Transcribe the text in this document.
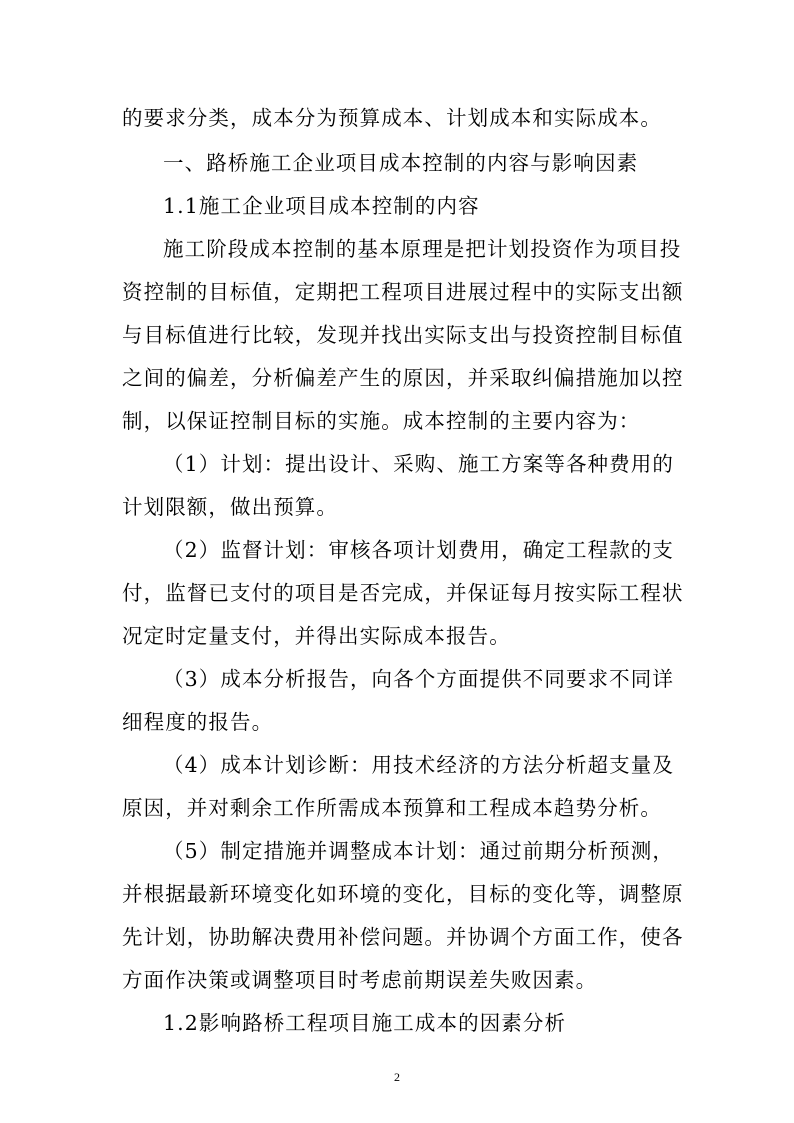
的要求分类，成本分为预算成本、计划成本和实际成本。
一、路桥施工企业项目成本控制的内容与影响因素
1.1施工企业项目成本控制的内容
施工阶段成本控制的基本原理是把计划投资作为项目投
资控制的目标值，定期把工程项目进展过程中的实际支出额
与目标值进行比较，发现并找出实际支出与投资控制目标值
之间的偏差，分析偏差产生的原因，并采取纠偏措施加以控
制，以保证控制目标的实施。成本控制的主要内容为：
（1）计划：提出设计、采购、施工方案等各种费用的
计划限额，做出预算。
（2）监督计划：审核各项计划费用，确定工程款的支
付，监督已支付的项目是否完成，并保证每月按实际工程状
况定时定量支付，并得出实际成本报告。
（3）成本分析报告，向各个方面提供不同要求不同详
细程度的报告。
（4）成本计划诊断：用技术经济的方法分析超支量及
原因，并对剩余工作所需成本预算和工程成本趋势分析。
（5）制定措施并调整成本计划：通过前期分析预测，
并根据最新环境变化如环境的变化，目标的变化等，调整原
先计划，协助解决费用补偿问题。并协调个方面工作，使各
方面作决策或调整项目时考虑前期误差失败因素。
1.2影响路桥工程项目施工成本的因素分析
2
